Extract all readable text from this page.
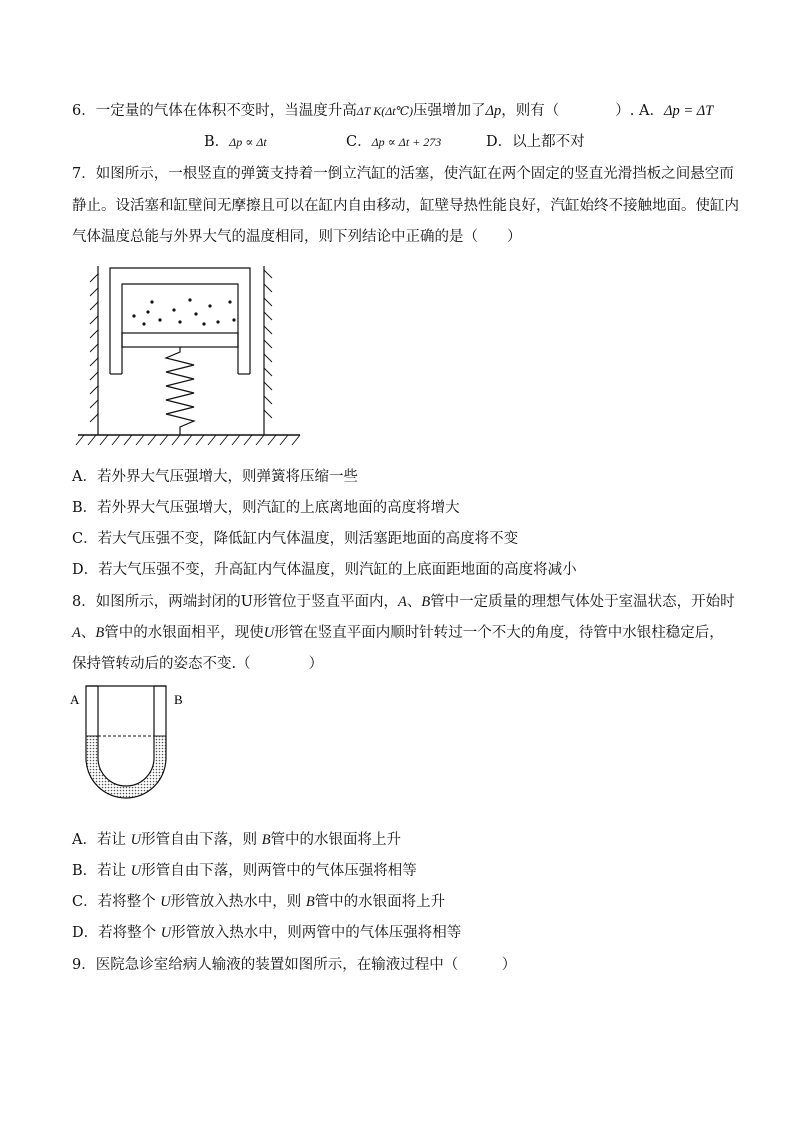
6．一定量的气体在体积不变时，当温度升高ΔT K(Δt℃)压强增加了Δp，则有（	）. A．Δp = ΔT
B．Δp ∝ Δt	C．Δp ∝ Δt + 273	D．以上都不对
7．如图所示，一根竖直的弹簧支持着一倒立汽缸的活塞，使汽缸在两个固定的竖直光滑挡板之间悬空而
静止。设活塞和缸壁间无摩擦且可以在缸内自由移动，缸壁导热性能良好，汽缸始终不接触地面。使缸内
气体温度总能与外界大气的温度相同，则下列结论中正确的是（　　）
A．若外界大气压强增大，则弹簧将压缩一些
B．若外界大气压强增大，则汽缸的上底离地面的高度将增大
C．若大气压强不变，降低缸内气体温度，则活塞距地面的高度将不变
D．若大气压强不变，升高缸内气体温度，则汽缸的上底面距地面的高度将减小
8．如图所示，两端封闭的U形管位于竖直平面内，A、B管中一定质量的理想气体处于室温状态，开始时
A、B管中的水银面相平，现使U形管在竖直平面内顺时针转过一个不大的角度，待管中水银柱稳定后，
保持管转动后的姿态不变.（　　　　）
A	B
A．若让 U形管自由下落，则 B管中的水银面将上升
B．若让 U形管自由下落，则两管中的气体压强将相等
C．若将整个 U形管放入热水中，则 B管中的水银面将上升
D．若将整个 U形管放入热水中，则两管中的气体压强将相等
9．医院急诊室给病人输液的装置如图所示，在输液过程中（　　　）
